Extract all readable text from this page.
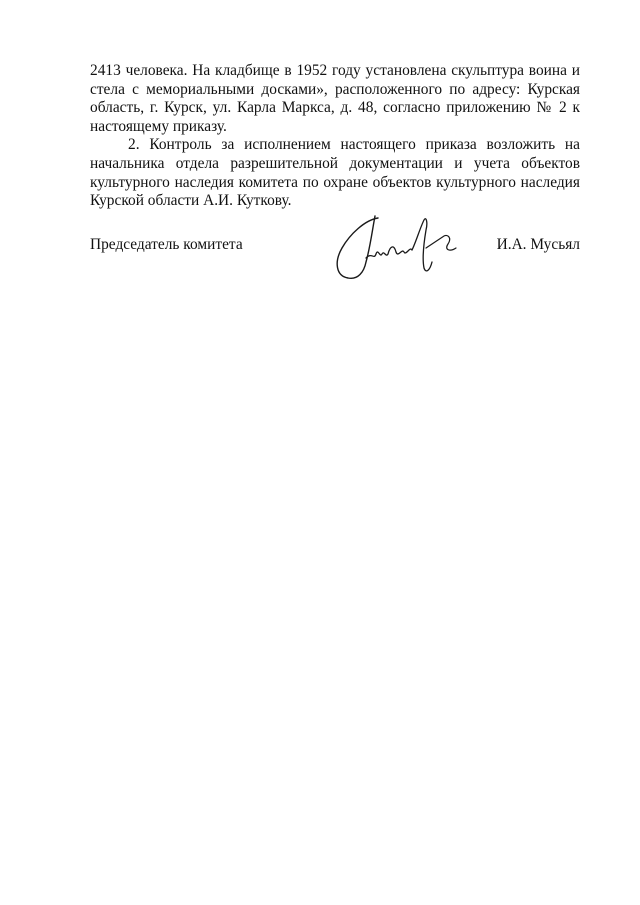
2413 человека. На кладбище в 1952 году установлена скульптура воина и стела с мемориальными досками», расположенного по адресу: Курская область, г. Курск, ул. Карла Маркса, д. 48, согласно приложению № 2 к настоящему приказу.

2. Контроль за исполнением настоящего приказа возложить на начальника отдела разрешительной документации и учета объектов культурного наследия комитета по охране объектов культурного наследия Курской области А.И. Куткову.

Председатель комитета	И.А. Мусьял
